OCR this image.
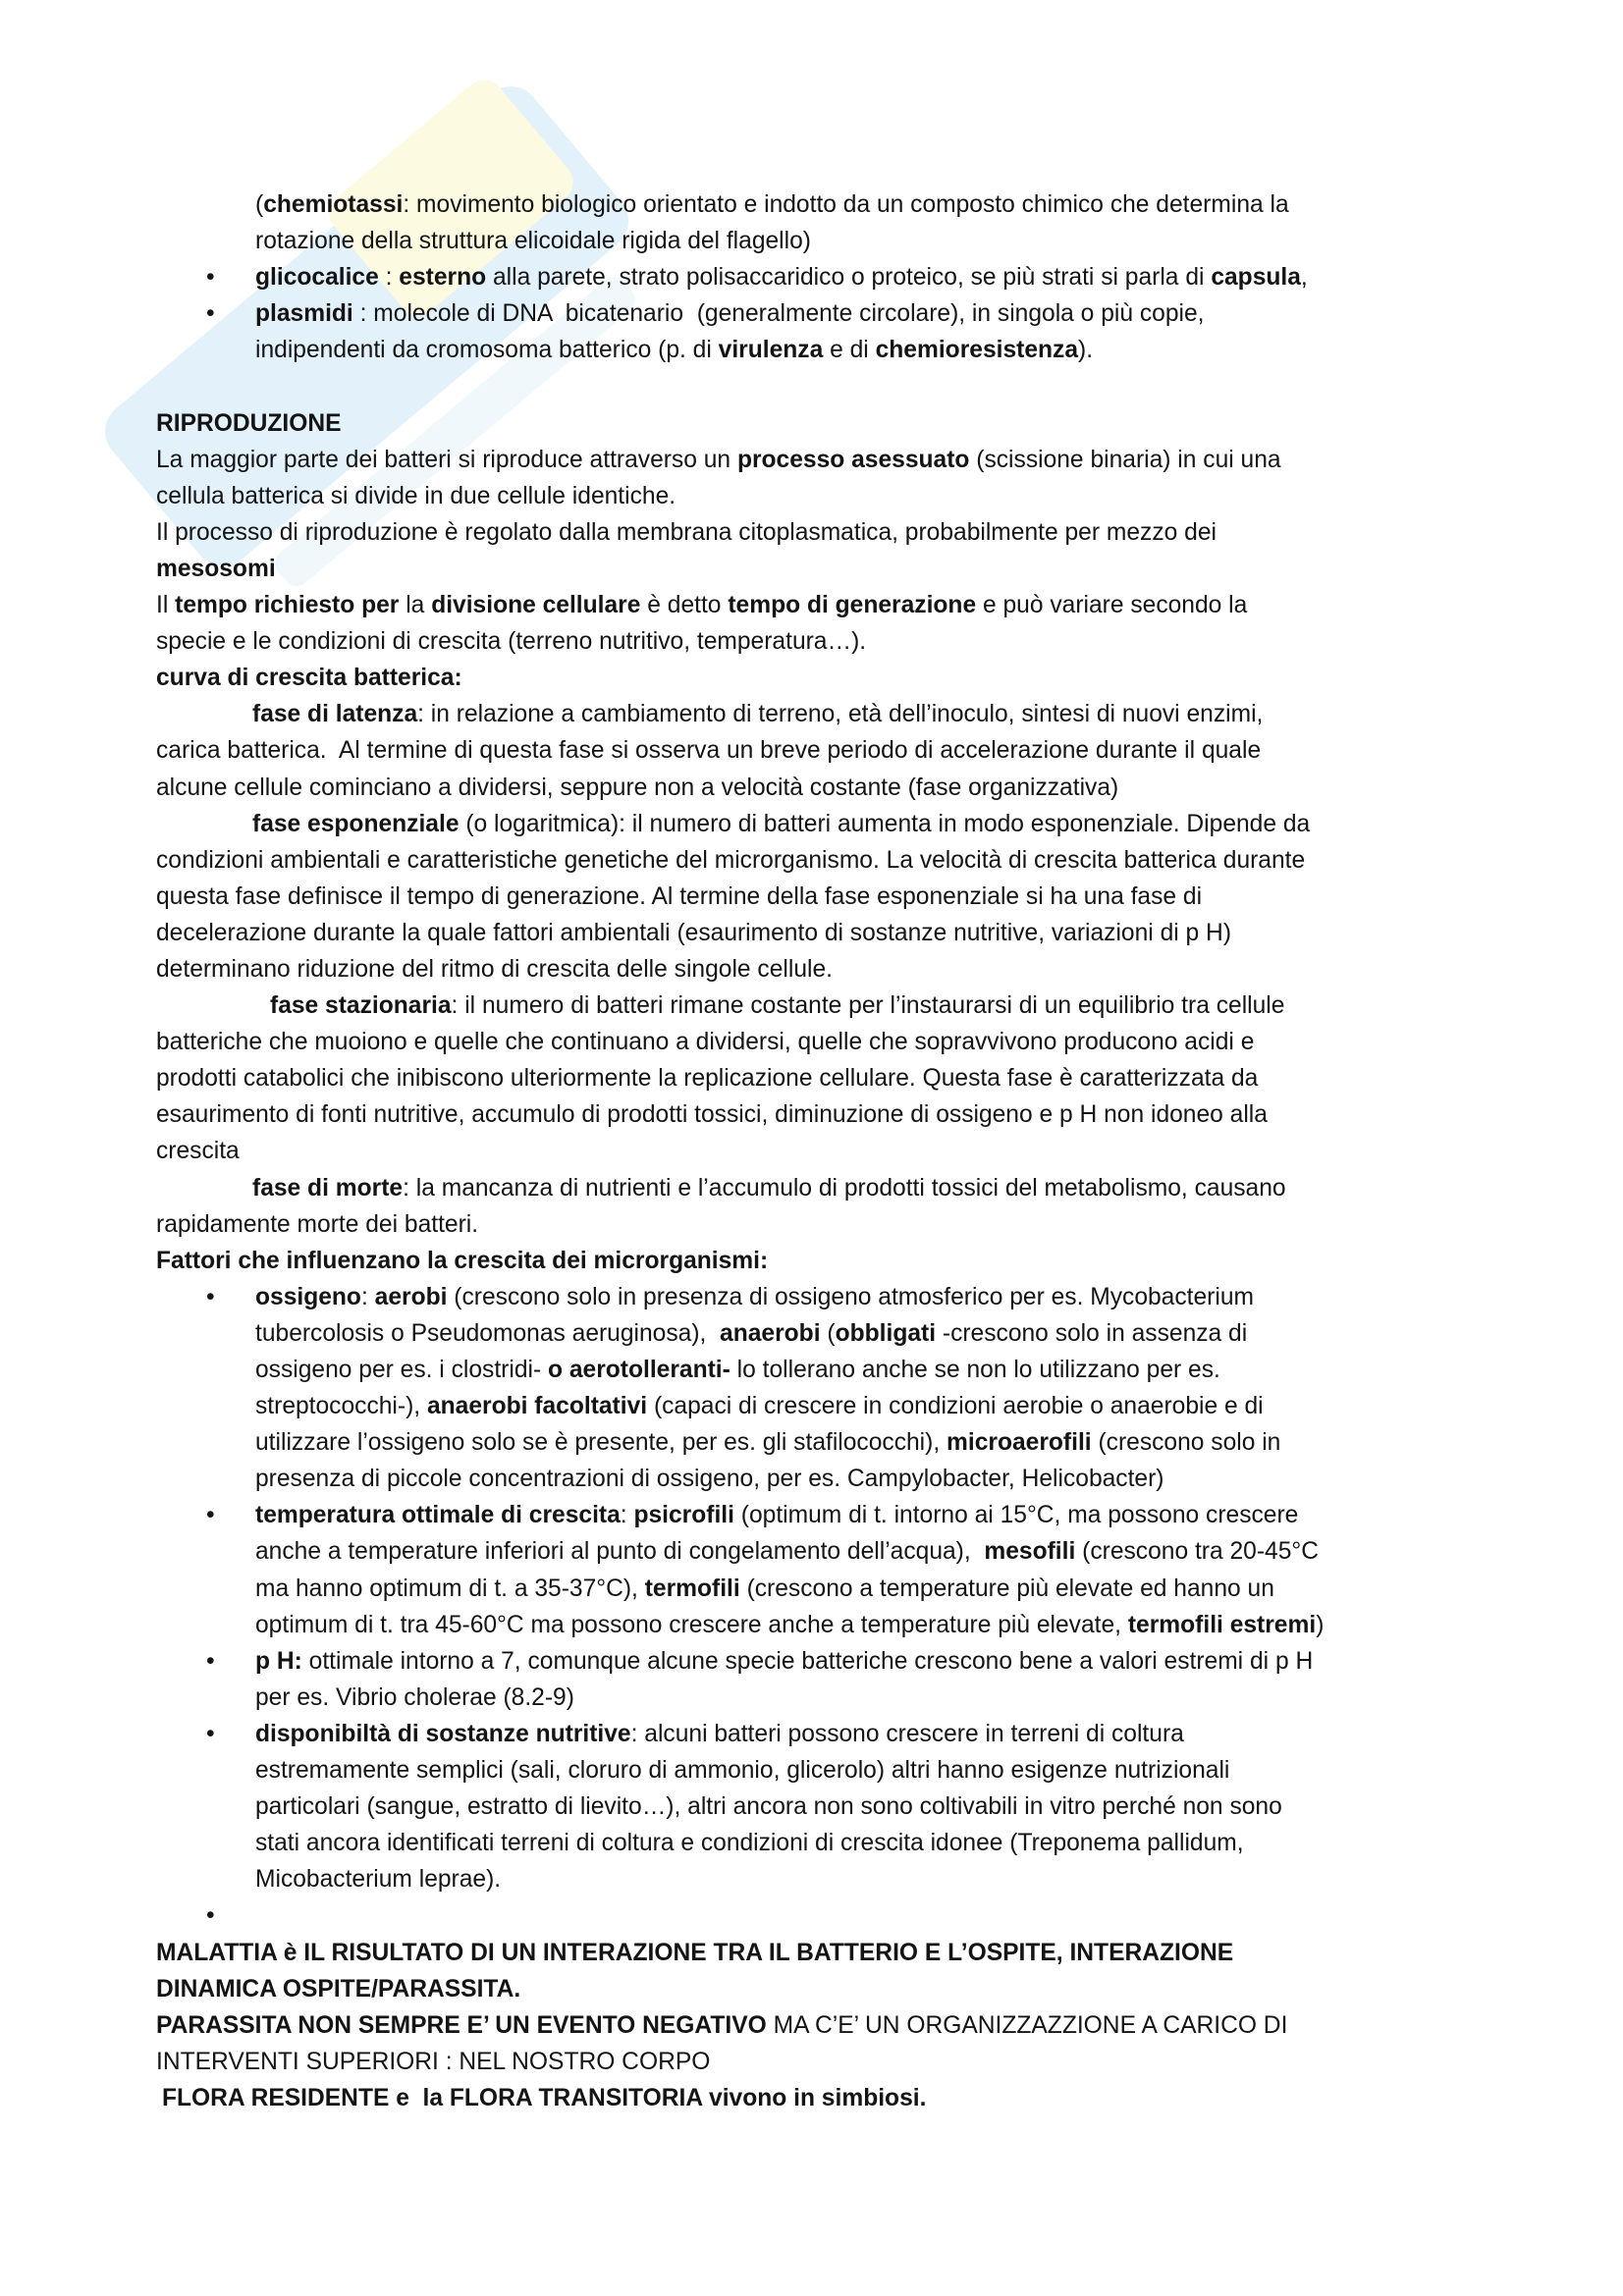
(chemiotassi: movimento biologico orientato e indotto da un composto chimico che determina la
rotazione della struttura elicoidale rigida del flagello)
• glicocalice : esterno alla parete, strato polisaccaridico o proteico, se più strati si parla di capsula,
• plasmidi : molecole di DNA  bicatenario  (generalmente circolare), in singola o più copie,
indipendenti da cromosoma batterico (p. di virulenza e di chemioresistenza).
RIPRODUZIONE
La maggior parte dei batteri si riproduce attraverso un processo asessuato (scissione binaria) in cui una
cellula batterica si divide in due cellule identiche.
Il processo di riproduzione è regolato dalla membrana citoplasmatica, probabilmente per mezzo dei
mesosomi
Il tempo richiesto per la divisione cellulare è detto tempo di generazione e può variare secondo la
specie e le condizioni di crescita (terreno nutritivo, temperatura…).
curva di crescita batterica:
fase di latenza: in relazione a cambiamento di terreno, età dell’inoculo, sintesi di nuovi enzimi,
carica batterica.  Al termine di questa fase si osserva un breve periodo di accelerazione durante il quale
alcune cellule cominciano a dividersi, seppure non a velocità costante (fase organizzativa)
fase esponenziale (o logaritmica): il numero di batteri aumenta in modo esponenziale. Dipende da
condizioni ambientali e caratteristiche genetiche del microrganismo. La velocità di crescita batterica durante
questa fase definisce il tempo di generazione. Al termine della fase esponenziale si ha una fase di
decelerazione durante la quale fattori ambientali (esaurimento di sostanze nutritive, variazioni di p H)
determinano riduzione del ritmo di crescita delle singole cellule.
fase stazionaria: il numero di batteri rimane costante per l’instaurarsi di un equilibrio tra cellule
batteriche che muoiono e quelle che continuano a dividersi, quelle che sopravvivono producono acidi e
prodotti catabolici che inibiscono ulteriormente la replicazione cellulare. Questa fase è caratterizzata da
esaurimento di fonti nutritive, accumulo di prodotti tossici, diminuzione di ossigeno e p H non idoneo alla
crescita
fase di morte: la mancanza di nutrienti e l’accumulo di prodotti tossici del metabolismo, causano
rapidamente morte dei batteri.
Fattori che influenzano la crescita dei microrganismi:
• ossigeno: aerobi (crescono solo in presenza di ossigeno atmosferico per es. Mycobacterium
tubercolosis o Pseudomonas aeruginosa),  anaerobi (obbligati -crescono solo in assenza di
ossigeno per es. i clostridi- o aerotolleranti- lo tollerano anche se non lo utilizzano per es.
streptococchi-), anaerobi facoltativi (capaci di crescere in condizioni aerobie o anaerobie e di
utilizzare l’ossigeno solo se è presente, per es. gli stafilococchi), microaerofili (crescono solo in
presenza di piccole concentrazioni di ossigeno, per es. Campylobacter, Helicobacter)
• temperatura ottimale di crescita: psicrofili (optimum di t. intorno ai 15°C, ma possono crescere
anche a temperature inferiori al punto di congelamento dell’acqua),  mesofili (crescono tra 20-45°C
ma hanno optimum di t. a 35-37°C), termofili (crescono a temperature più elevate ed hanno un
optimum di t. tra 45-60°C ma possono crescere anche a temperature più elevate, termofili estremi)
• p H: ottimale intorno a 7, comunque alcune specie batteriche crescono bene a valori estremi di p H
per es. Vibrio cholerae (8.2-9)
• disponibiltà di sostanze nutritive: alcuni batteri possono crescere in terreni di coltura
estremamente semplici (sali, cloruro di ammonio, glicerolo) altri hanno esigenze nutrizionali
particolari (sangue, estratto di lievito…), altri ancora non sono coltivabili in vitro perché non sono
stati ancora identificati terreni di coltura e condizioni di crescita idonee (Treponema pallidum,
Micobacterium leprae).
•
MALATTIA è IL RISULTATO DI UN INTERAZIONE TRA IL BATTERIO E L’OSPITE, INTERAZIONE
DINAMICA OSPITE/PARASSITA.
PARASSITA NON SEMPRE E’ UN EVENTO NEGATIVO MA C’E’ UN ORGANIZZAZZIONE A CARICO DI
INTERVENTI SUPERIORI : NEL NOSTRO CORPO
FLORA RESIDENTE e  la FLORA TRANSITORIA vivono in simbiosi.
